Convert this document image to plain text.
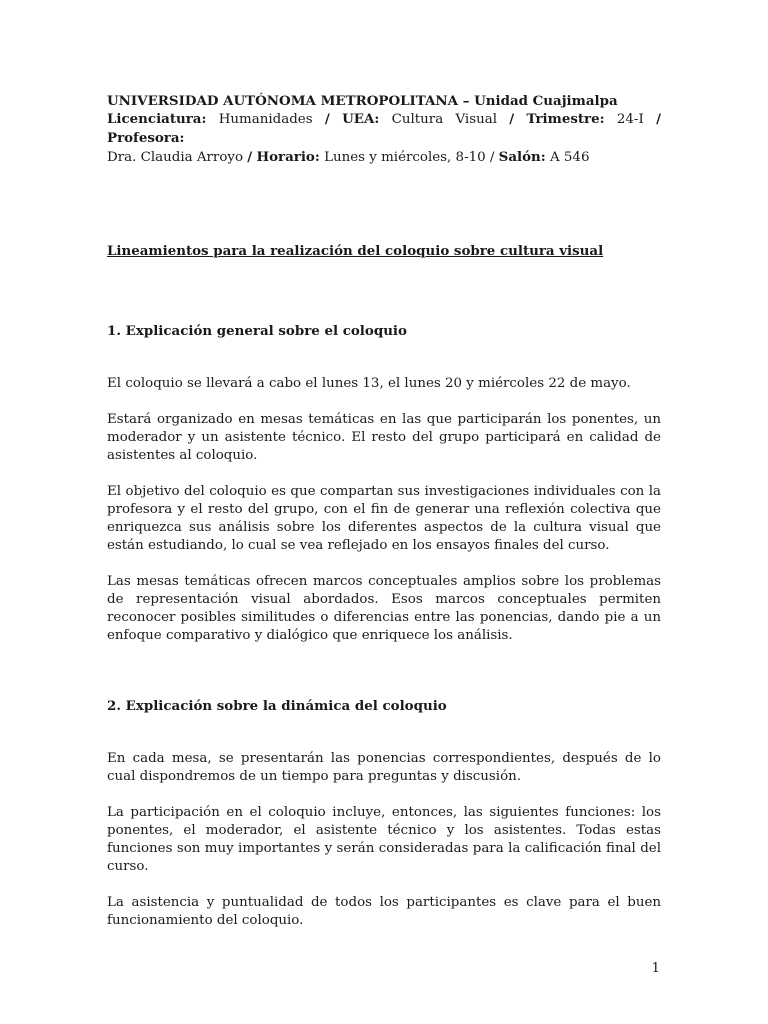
UNIVERSIDAD AUTÓNOMA METROPOLITANA – Unidad Cuajimalpa
Licenciatura: Humanidades / UEA: Cultura Visual / Trimestre: 24-I / Profesora:
Dra. Claudia Arroyo / Horario: Lunes y miércoles, 8-10 / Salón: A 546
Lineamientos para la realización del coloquio sobre cultura visual
1. Explicación general sobre el coloquio

El coloquio se llevará a cabo el lunes 13, el lunes 20 y miércoles 22 de mayo.

Estará organizado en mesas temáticas en las que participarán los ponentes, un moderador y un asistente técnico. El resto del grupo participará en calidad de asistentes al coloquio.

El objetivo del coloquio es que compartan sus investigaciones individuales con la profesora y el resto del grupo, con el fin de generar una reflexión colectiva que enriquezca sus análisis sobre los diferentes aspectos de la cultura visual que están estudiando, lo cual se vea reflejado en los ensayos finales del curso.

Las mesas temáticas ofrecen marcos conceptuales amplios sobre los problemas de representación visual abordados. Esos marcos conceptuales permiten reconocer posibles similitudes o diferencias entre las ponencias, dando pie a un enfoque comparativo y dialógico que enriquece los análisis.

2. Explicación sobre la dinámica del coloquio

En cada mesa, se presentarán las ponencias correspondientes, después de lo cual dispondremos de un tiempo para preguntas y discusión.

La participación en el coloquio incluye, entonces, las siguientes funciones: los ponentes, el moderador, el asistente técnico y los asistentes. Todas estas funciones son muy importantes y serán consideradas para la calificación final del curso.

La asistencia y puntualidad de todos los participantes es clave para el buen funcionamiento del coloquio.

1
